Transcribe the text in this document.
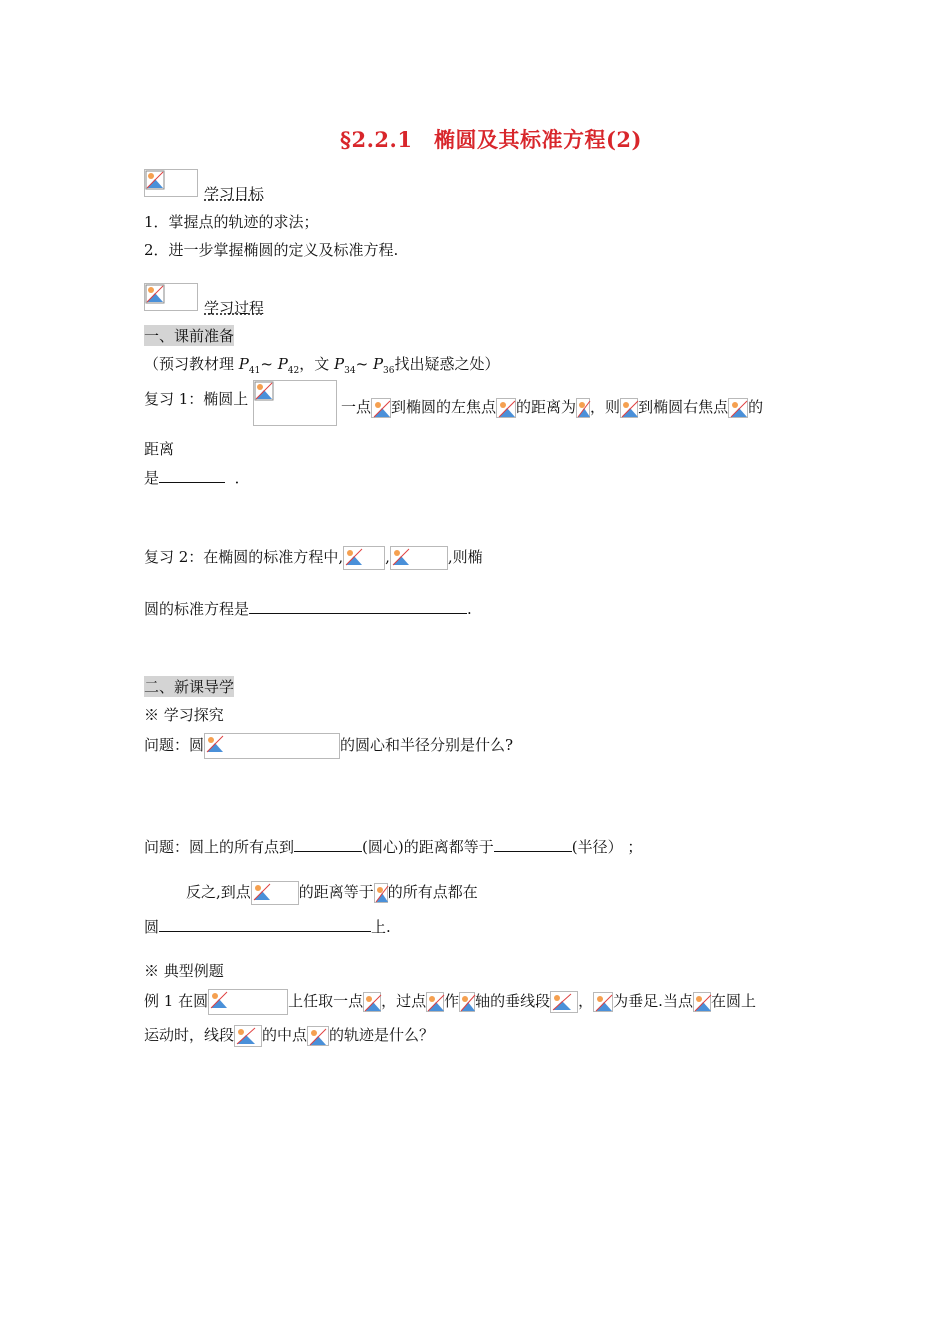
§2.2.1　椭圆及其标准方程(2)
学习目标
1．掌握点的轨迹的求法；
2．进一步掌握椭圆的定义及标准方程.
学习过程
一、课前准备
（预习教材理 $P_{41}\sim$ $P_{42}$，文 $P_{34}\sim$ $P_{36}$找出疑惑之处）
复习 1：椭圆上	一点 到椭圆的左焦点 的距离为 ，则 到椭圆右焦点 的
距离
是	．
复习 2：在椭圆的标准方程中,	,	,则椭
圆的标准方程是	.
二、新课导学
※ 学习探究
问题：圆	的圆心和半径分别是什么?
问题：圆上的所有点到	(圆心)的距离都等于	(半径） ；
反之,到点	的距离等于 的所有点都在
圆	上.
※ 典型例题
例 1 在圆	上任取一点 ，过点 作 轴的垂线段 ， 为垂足.当点 在圆上
运动时，线段 的中点 的轨迹是什么？
